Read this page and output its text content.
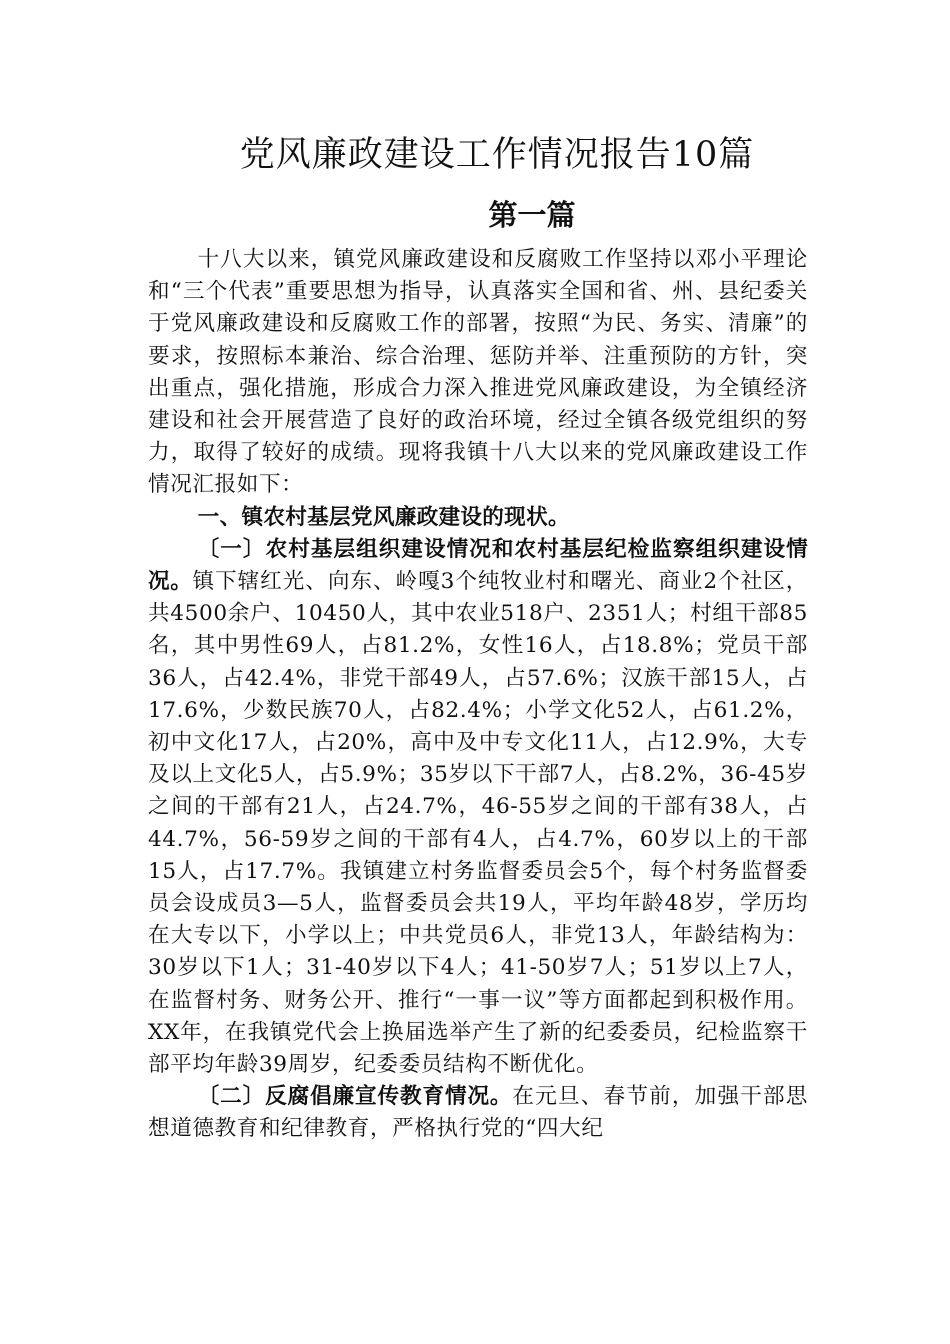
党风廉政建设工作情况报告10篇
第一篇

十八大以来，镇党风廉政建设和反腐败工作坚持以邓小平理论和“三个代表”重要思想为指导，认真落实全国和省、州、县纪委关于党风廉政建设和反腐败工作的部署，按照“为民、务实、清廉”的要求，按照标本兼治、综合治理、惩防并举、注重预防的方针，突出重点，强化措施，形成合力深入推进党风廉政建设，为全镇经济建设和社会开展营造了良好的政治环境，经过全镇各级党组织的努力，取得了较好的成绩。现将我镇十八大以来的党风廉政建设工作情况汇报如下：

一、镇农村基层党风廉政建设的现状。

〔一〕农村基层组织建设情况和农村基层纪检监察组织建设情况。镇下辖红光、向东、岭嘎3个纯牧业村和曙光、商业2个社区，共4500余户、10450人，其中农业518户、2351人；村组干部85名，其中男性69人，占81.2%，女性16人，占18.8%；党员干部36人，占42.4%，非党干部49人，占57.6%；汉族干部15人，占17.6%，少数民族70人，占82.4%；小学文化52人，占61.2%，初中文化17人，占20%，高中及中专文化11人，占12.9%，大专及以上文化5人，占5.9%；35岁以下干部7人，占8.2%，36-45岁之间的干部有21人，占24.7%，46-55岁之间的干部有38人，占44.7%，56-59岁之间的干部有4人，占4.7%，60岁以上的干部15人，占17.7%。我镇建立村务监督委员会5个，每个村务监督委员会设成员3—5人，监督委员会共19人，平均年龄48岁，学历均在大专以下，小学以上；中共党员6人，非党13人，年龄结构为：30岁以下1人；31-40岁以下4人；41-50岁7人；51岁以上7人，在监督村务、财务公开、推行“一事一议”等方面都起到积极作用。XX年，在我镇党代会上换届选举产生了新的纪委委员，纪检监察干部平均年龄39周岁，纪委委员结构不断优化。

〔二〕反腐倡廉宣传教育情况。在元旦、春节前，加强干部思想道德教育和纪律教育，严格执行党的“四大纪
